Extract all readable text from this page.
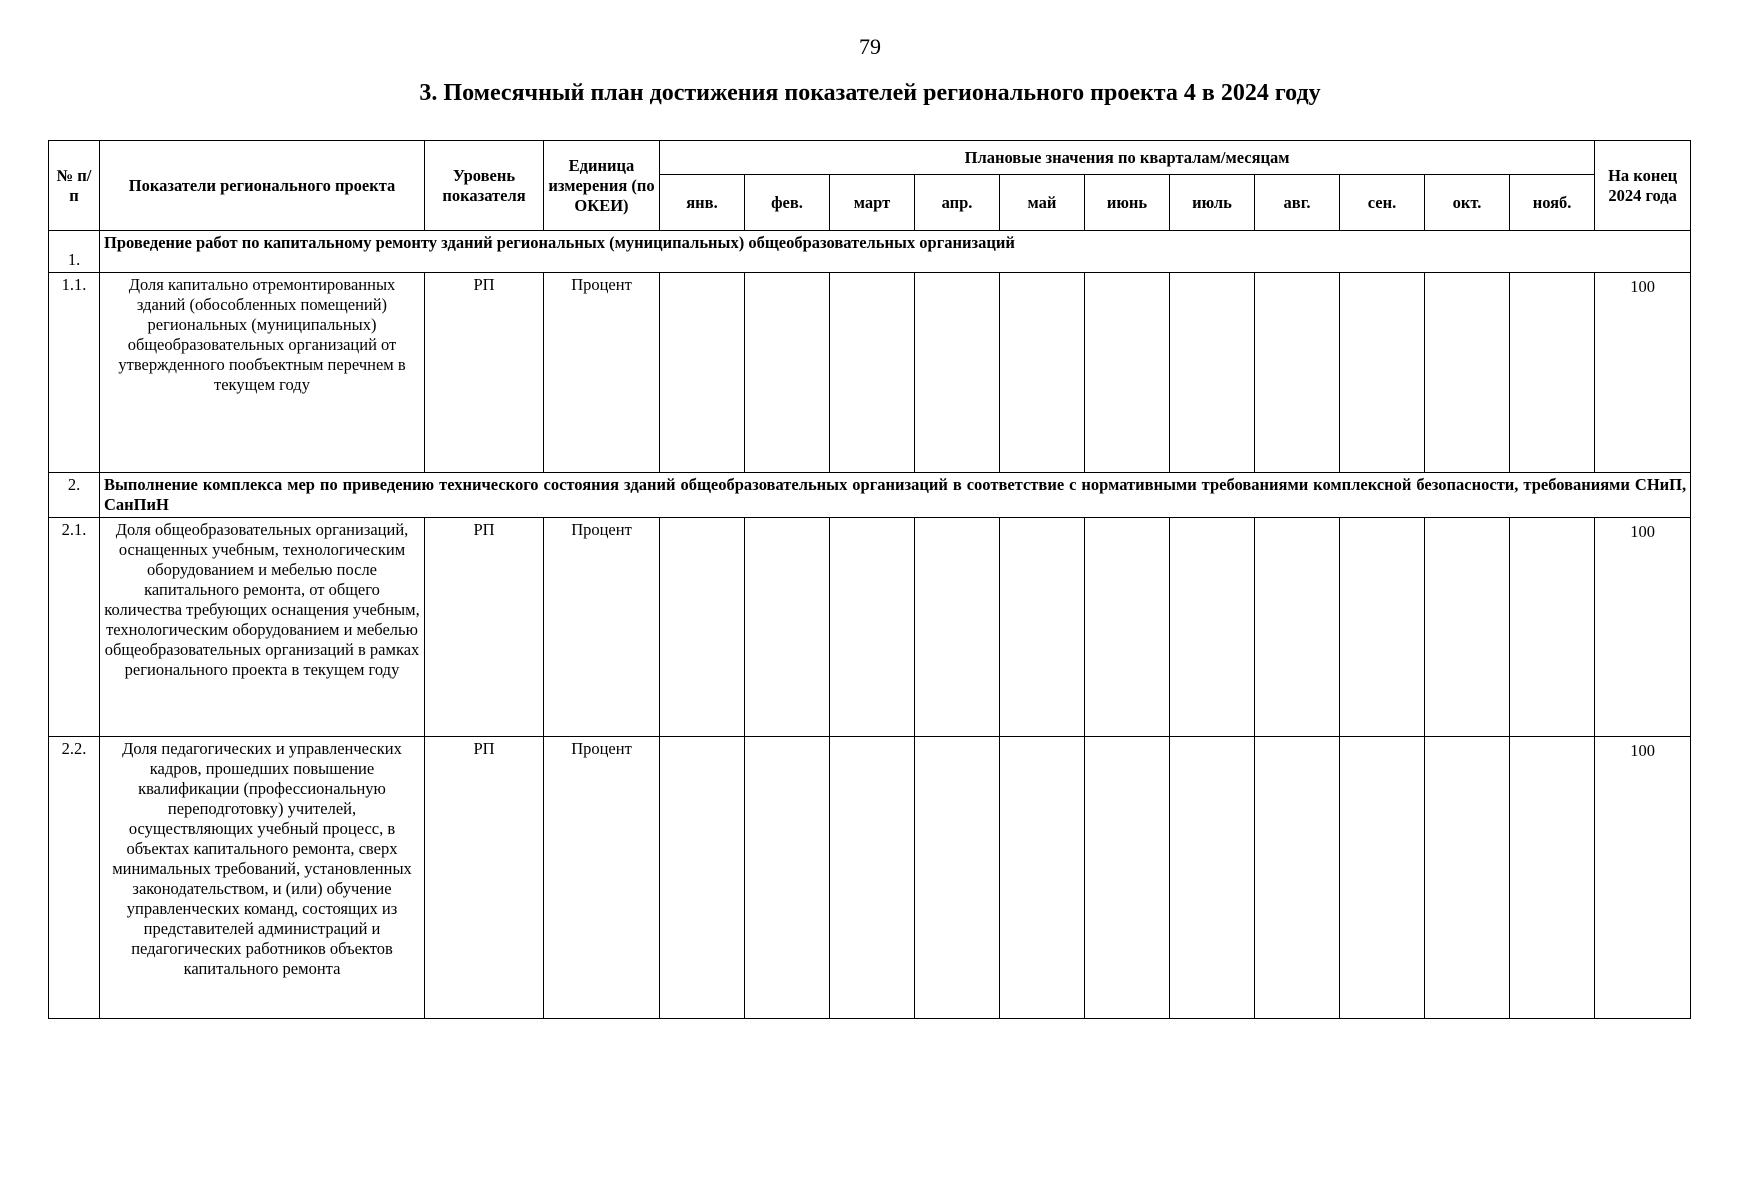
79
3. Помесячный план достижения показателей регионального проекта 4 в 2024 году
№ п/п	Показатели регионального проекта	Уровень показателя	Единица измерения (по ОКЕИ)	Плановые значения по кварталам/месяцам											На конец 2024 года
				янв.	фев.	март	апр.	май	июнь	июль	авг.	сен.	окт.	нояб.	
1.	Проведение работ по капитальному ремонту зданий региональных (муниципальных) общеобразовательных организаций														
1.1.	Доля капитально отремонтированных зданий (обособленных помещений) региональных (муниципальных) общеобразовательных организаций от утвержденного пообъектным перечнем в текущем году	РП	Процент												100
2.	Выполнение комплекса мер по приведению технического состояния зданий общеобразовательных организаций в соответствие с нормативными требованиями комплексной безопасности, требованиями СНиП, СанПиН														
2.1.	Доля общеобразовательных организаций, оснащенных учебным, технологическим оборудованием и мебелью после капитального ремонта, от общего количества требующих оснащения учебным, технологическим оборудованием и мебелью общеобразовательных организаций в рамках регионального проекта в текущем году	РП	Процент												100
2.2.	Доля педагогических и управленческих кадров, прошедших повышение квалификации (профессиональную переподготовку) учителей, осуществляющих учебный процесс, в объектах капитального ремонта, сверх минимальных требований, установленных законодательством, и (или) обучение управленческих команд, состоящих из представителей администраций и педагогических работников объектов капитального ремонта	РП	Процент												100
